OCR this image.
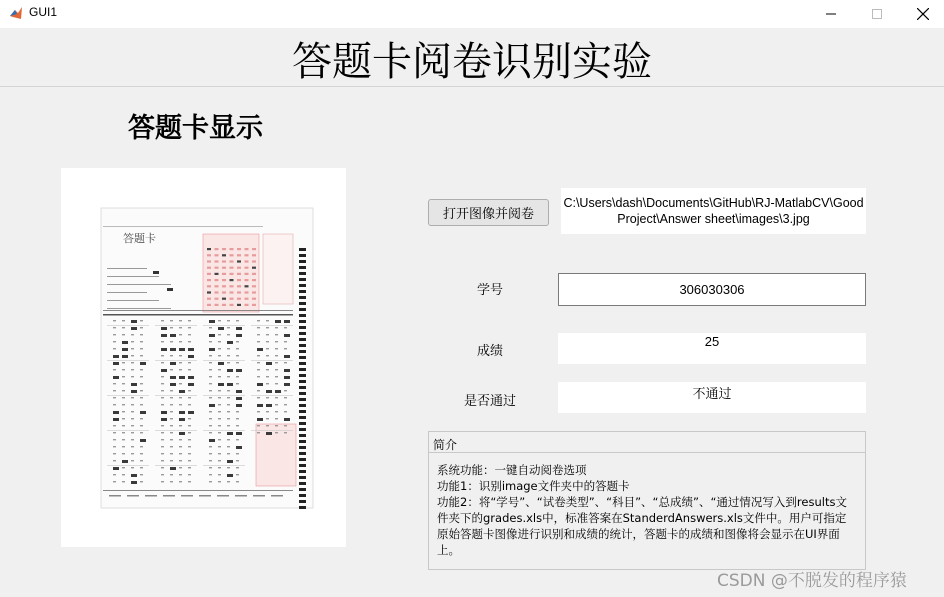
GUI1
答题卡阅卷识别实验
答题卡显示
答题卡
打开图像并阅卷
C:\Users\dash\Documents\GitHub\RJ-MatlabCV\Good Project\Answer sheet\images\3.jpg
学号	306030306
成绩
25
是否通过
不通过
简介
系统功能：一键自动阅卷选项
功能1：识别image文件夹中的答题卡
功能2：将“学号”、“试卷类型”、“科目”、“总成绩”、“通过情况写入到results文件夹下的grades.xls中，标准答案在StanderdAnswers.xls文件中。用户可指定原始答题卡图像进行识别和成绩的统计，答题卡的成绩和图像将会显示在UI界面上。
CSDN @不脱发的程序猿
